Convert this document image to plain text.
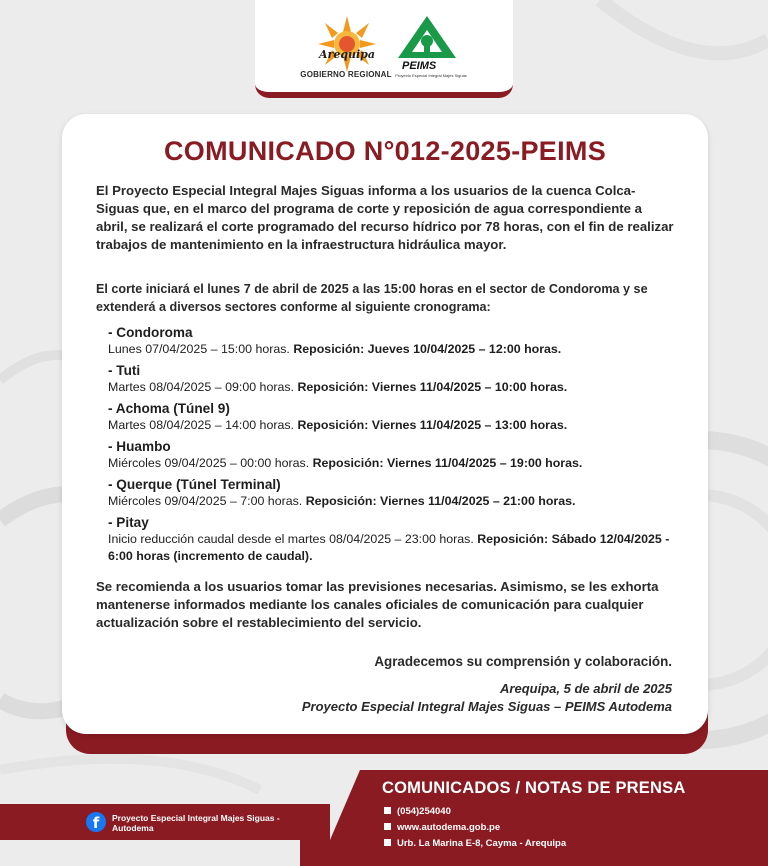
Arequipa
GOBIERNO REGIONAL
PEIMS
Proyecto Especial Integral Majes Siguas
COMUNICADO N°012-2025-PEIMS
El Proyecto Especial Integral Majes Siguas informa a los usuarios de la cuenca Colca-Siguas que, en el marco del programa de corte y reposición de agua correspondiente a abril, se realizará el corte programado del recurso hídrico por 78 horas, con el fin de realizar trabajos de mantenimiento en la infraestructura hidráulica mayor.
El corte iniciará el lunes 7 de abril de 2025 a las 15:00 horas en el sector de Condoroma y se extenderá a diversos sectores conforme al siguiente cronograma:
- Condoroma
Lunes 07/04/2025 – 15:00 horas. Reposición: Jueves 10/04/2025 – 12:00 horas.
- Tuti
Martes 08/04/2025 – 09:00 horas. Reposición: Viernes 11/04/2025 – 10:00 horas.
- Achoma (Túnel 9)
Martes 08/04/2025 – 14:00 horas. Reposición: Viernes 11/04/2025 – 13:00 horas.
- Huambo
Miércoles 09/04/2025 – 00:00 horas. Reposición: Viernes 11/04/2025 – 19:00 horas.
- Querque (Túnel Terminal)
Miércoles 09/04/2025 – 7:00 horas. Reposición: Viernes 11/04/2025 – 21:00 horas.
- Pitay
Inicio reducción caudal desde el martes 08/04/2025 – 23:00 horas. Reposición: Sábado 12/04/2025 - 6:00 horas (incremento de caudal).
Se recomienda a los usuarios tomar las previsiones necesarias. Asimismo, se les exhorta mantenerse informados mediante los canales oficiales de comunicación para cualquier actualización sobre el restablecimiento del servicio.
Agradecemos su comprensión y colaboración.
Arequipa, 5 de abril de 2025
Proyecto Especial Integral Majes Siguas – PEIMS Autodema
f	Proyecto Especial Integral Majes Siguas - Autodema
COMUNICADOS / NOTAS DE PRENSA
(054)254040
www.autodema.gob.pe
Urb. La Marina E-8, Cayma - Arequipa
